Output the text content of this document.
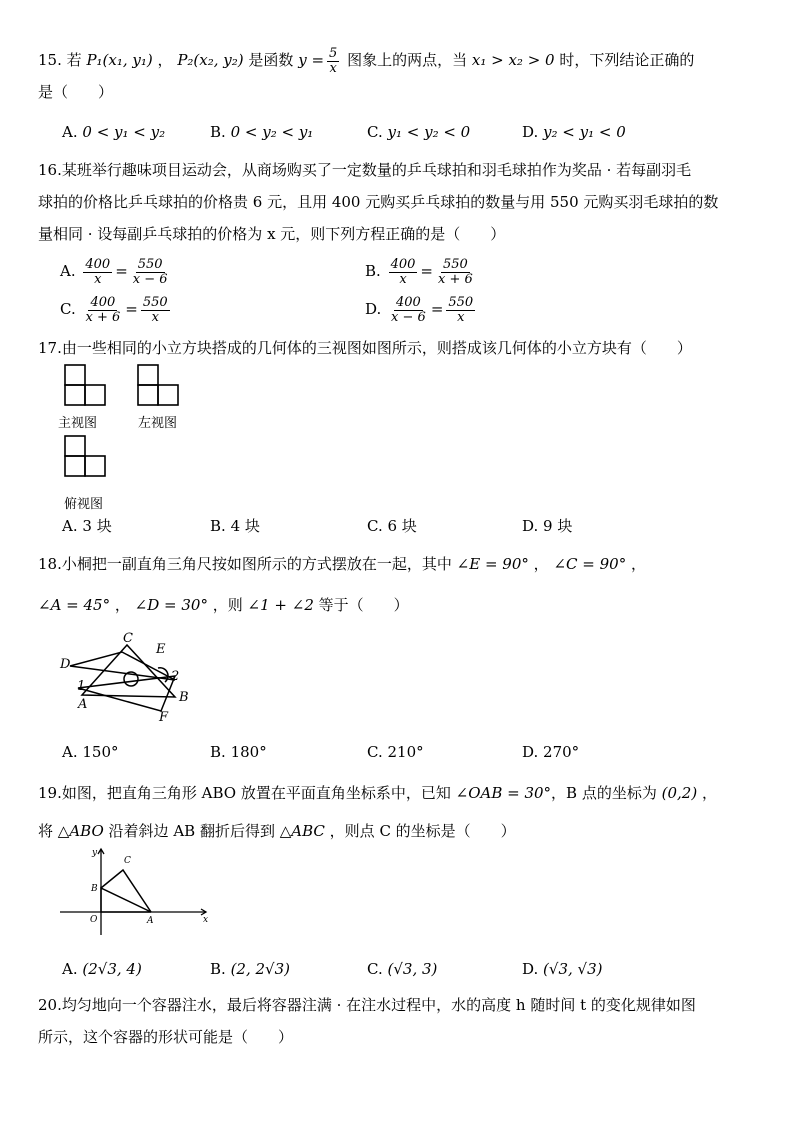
15. 若 P₁(x₁, y₁) ， P₂(x₂, y₂) 是函数 $y = \frac{5}{x}$ 图象上的两点，当 x₁ > x₂ > 0 时，下列结论正确的
是（　　）
A. 0 < y₁ < y₂	B. 0 < y₂ < y₁	C. y₁ < y₂ < 0	D. y₂ < y₁ < 0
16.某班举行趣味项目运动会，从商场购买了一定数量的乒乓球拍和羽毛球拍作为奖品 · 若每副羽毛
球拍的价格比乒乓球拍的价格贵 6 元，且用 400 元购买乒乓球拍的数量与用 550 元购买羽毛球拍的数
量相同 · 设每副乒乓球拍的价格为 x 元，则下列方程正确的是（　　）
A. $\frac{400}{x} = \frac{550}{x - 6}$	B. $\frac{400}{x} = \frac{550}{x + 6}$
C. $\frac{400}{x + 6} = \frac{550}{x}$	D. $\frac{400}{x - 6} = \frac{550}{x}$
17.由一些相同的小立方块搭成的几何体的三视图如图所示，则搭成该几何体的小立方块有（　　）
主视图	左视图
俯视图
A. 3 块	B. 4 块	C. 6 块	D. 9 块
18.小桐把一副直角三角尺按如图所示的方式摆放在一起，其中 ∠E = 90° ， ∠C = 90° ，
∠A = 45° ， ∠D = 30° ，则 ∠1 + ∠2 等于（　　）
C
E
D
2
1
B
A
F
A. 150°	B. 180°	C. 210°	D. 270°
19.如图，把直角三角形 ABO 放置在平面直角坐标系中，已知 ∠OAB = 30°，B 点的坐标为 (0,2) ，
将 △ABO 沿着斜边 AB 翻折后得到 △ABC ，则点 C 的坐标是（　　）
y
x
C
B
O	A
A. (2√3, 4)	B. (2, 2√3)	C. (√3, 3)	D. (√3, √3)
20.均匀地向一个容器注水，最后将容器注满 · 在注水过程中，水的高度 h 随时间 t 的变化规律如图
所示，这个容器的形状可能是（　　）
